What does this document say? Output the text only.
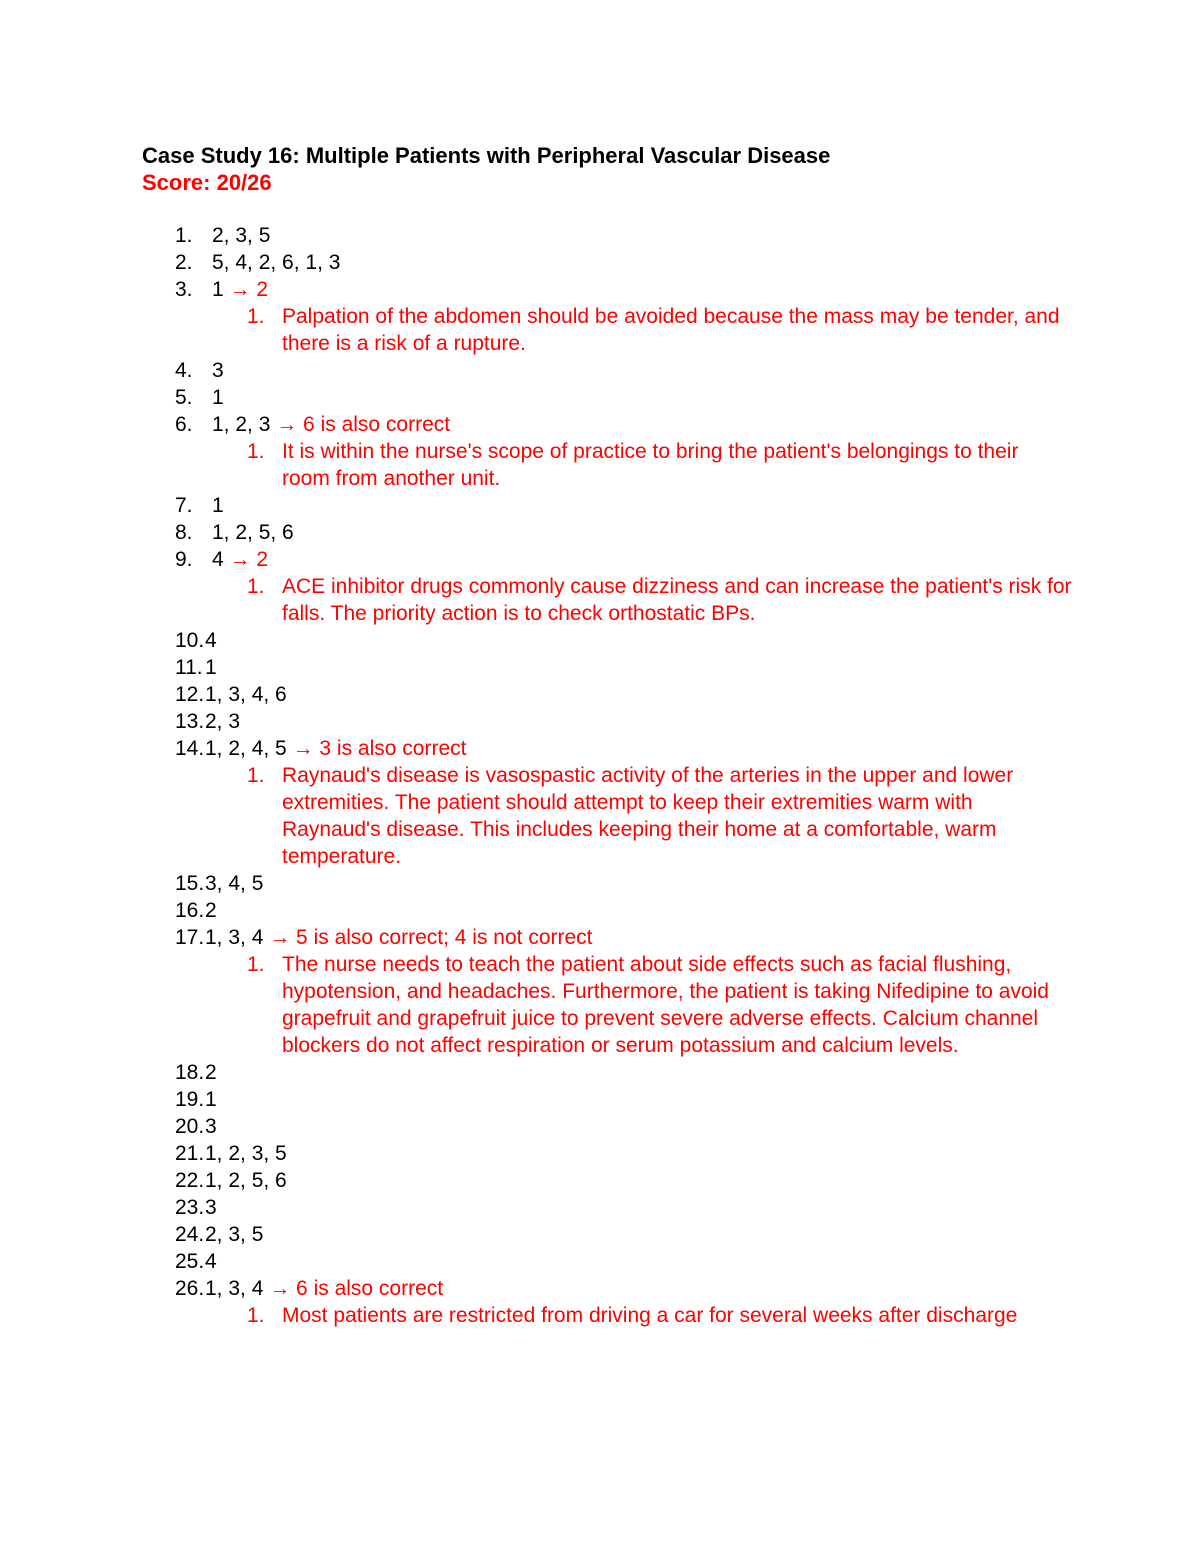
Case Study 16: Multiple Patients with Peripheral Vascular Disease
Score: 20/26
1. 2, 3, 5
2. 5, 4, 2, 6, 1, 3
3. 1 → 2
1. Palpation of the abdomen should be avoided because the mass may be tender, and there is a risk of a rupture.
4. 3
5. 1
6. 1, 2, 3 → 6 is also correct
1. It is within the nurse's scope of practice to bring the patient's belongings to their room from another unit.
7. 1
8. 1, 2, 5, 6
9. 4 → 2
1. ACE inhibitor drugs commonly cause dizziness and can increase the patient's risk for falls. The priority action is to check orthostatic BPs.
10. 4
11. 1
12. 1, 3, 4, 6
13. 2, 3
14. 1, 2, 4, 5 → 3 is also correct
1. Raynaud's disease is vasospastic activity of the arteries in the upper and lower extremities. The patient should attempt to keep their extremities warm with Raynaud's disease. This includes keeping their home at a comfortable, warm temperature.
15. 3, 4, 5
16. 2
17. 1, 3, 4 → 5 is also correct; 4 is not correct
1. The nurse needs to teach the patient about side effects such as facial flushing, hypotension, and headaches. Furthermore, the patient is taking Nifedipine to avoid grapefruit and grapefruit juice to prevent severe adverse effects. Calcium channel blockers do not affect respiration or serum potassium and calcium levels.
18. 2
19. 1
20. 3
21. 1, 2, 3, 5
22. 1, 2, 5, 6
23. 3
24. 2, 3, 5
25. 4
26. 1, 3, 4 → 6 is also correct
1. Most patients are restricted from driving a car for several weeks after discharge
